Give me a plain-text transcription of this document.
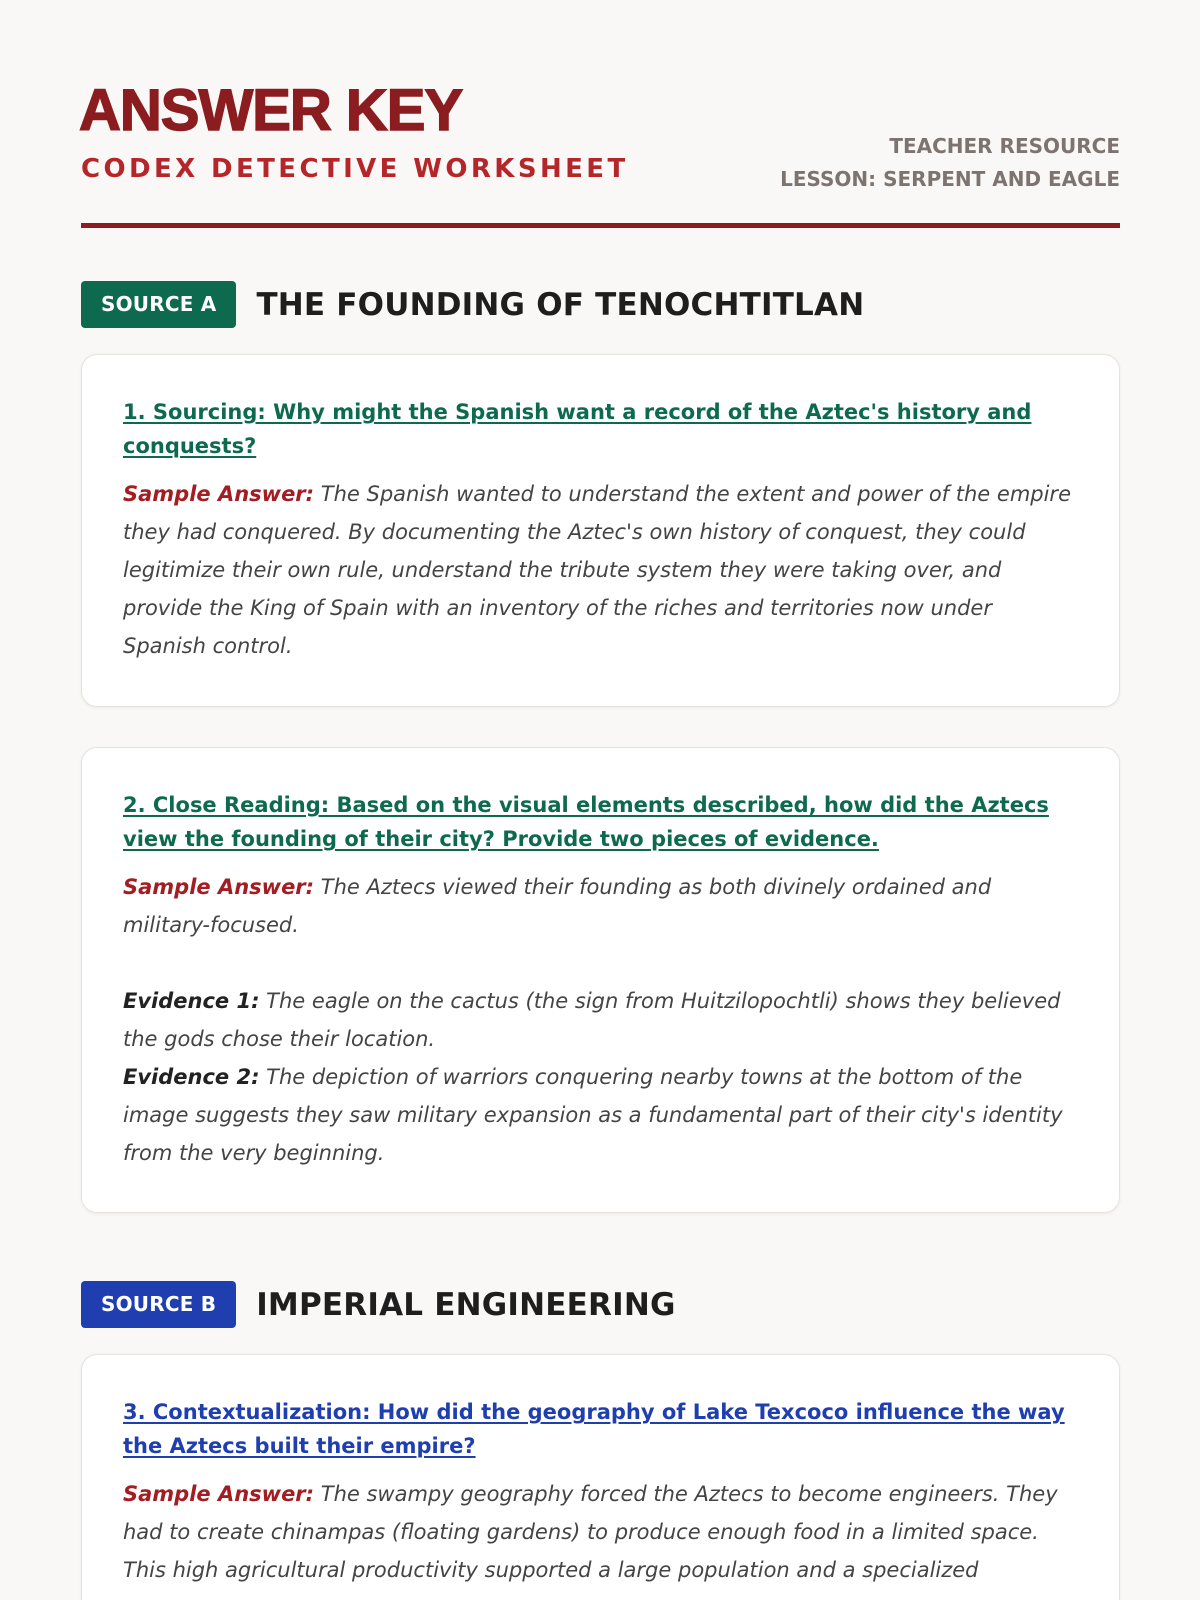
ANSWER KEY
CODEX DETECTIVE WORKSHEET
TEACHER RESOURCE
LESSON: SERPENT AND EAGLE
SOURCE A	THE FOUNDING OF TENOCHTITLAN
1. Sourcing: Why might the Spanish want a record of the Aztec's history and conquests?
Sample Answer: The Spanish wanted to understand the extent and power of the empire they had conquered. By documenting the Aztec's own history of conquest, they could legitimize their own rule, understand the tribute system they were taking over, and provide the King of Spain with an inventory of the riches and territories now under Spanish control.
2. Close Reading: Based on the visual elements described, how did the Aztecs view the founding of their city? Provide two pieces of evidence.
Sample Answer: The Aztecs viewed their founding as both divinely ordained and military-focused.
Evidence 1: The eagle on the cactus (the sign from Huitzilopochtli) shows they believed the gods chose their location.
Evidence 2: The depiction of warriors conquering nearby towns at the bottom of the image suggests they saw military expansion as a fundamental part of their city's identity from the very beginning.
SOURCE B	IMPERIAL ENGINEERING
3. Contextualization: How did the geography of Lake Texcoco influence the way the Aztecs built their empire?
Sample Answer: The swampy geography forced the Aztecs to become engineers. They had to create chinampas (floating gardens) to produce enough food in a limited space. This high agricultural productivity supported a large population and a specialized
